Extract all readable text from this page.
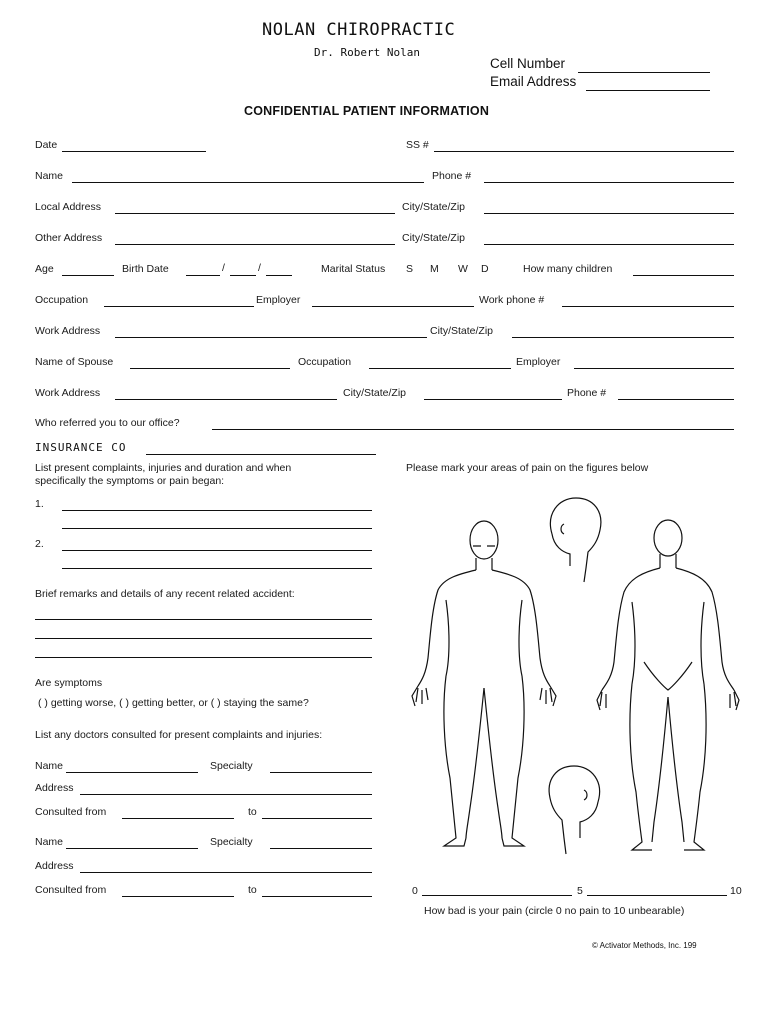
NOLAN CHIROPRACTIC
Dr. Robert Nolan
Cell Number
Email Address
CONFIDENTIAL PATIENT INFORMATION
Date	SS #
Name	Phone #
Local Address	City/State/Zip
Other Address	City/State/Zip
Age	Birth Date	/	/	Marital Status S M W D	How many children
Occupation	Employer	Work phone #
Work Address	City/State/Zip
Name of Spouse	Occupation	Employer
Work Address	City/State/Zip	Phone #
Who referred you to our office?
INSURANCE CO
List present complaints, injuries and duration and when
specifically the symptoms or pain began:
1.
2.
Brief remarks and details of any recent related accident:
Are symptoms
( ) getting worse, ( ) getting better, or ( ) staying the same?
List any doctors consulted for present complaints and injuries:
Name	Specialty
Address
Consulted from	to
Name	Specialty
Address
Consulted from	to
Please mark your areas of pain on the figures below
0	5	10
How bad is your pain (circle 0 no pain to 10 unbearable)
© Activator Methods, Inc. 199
